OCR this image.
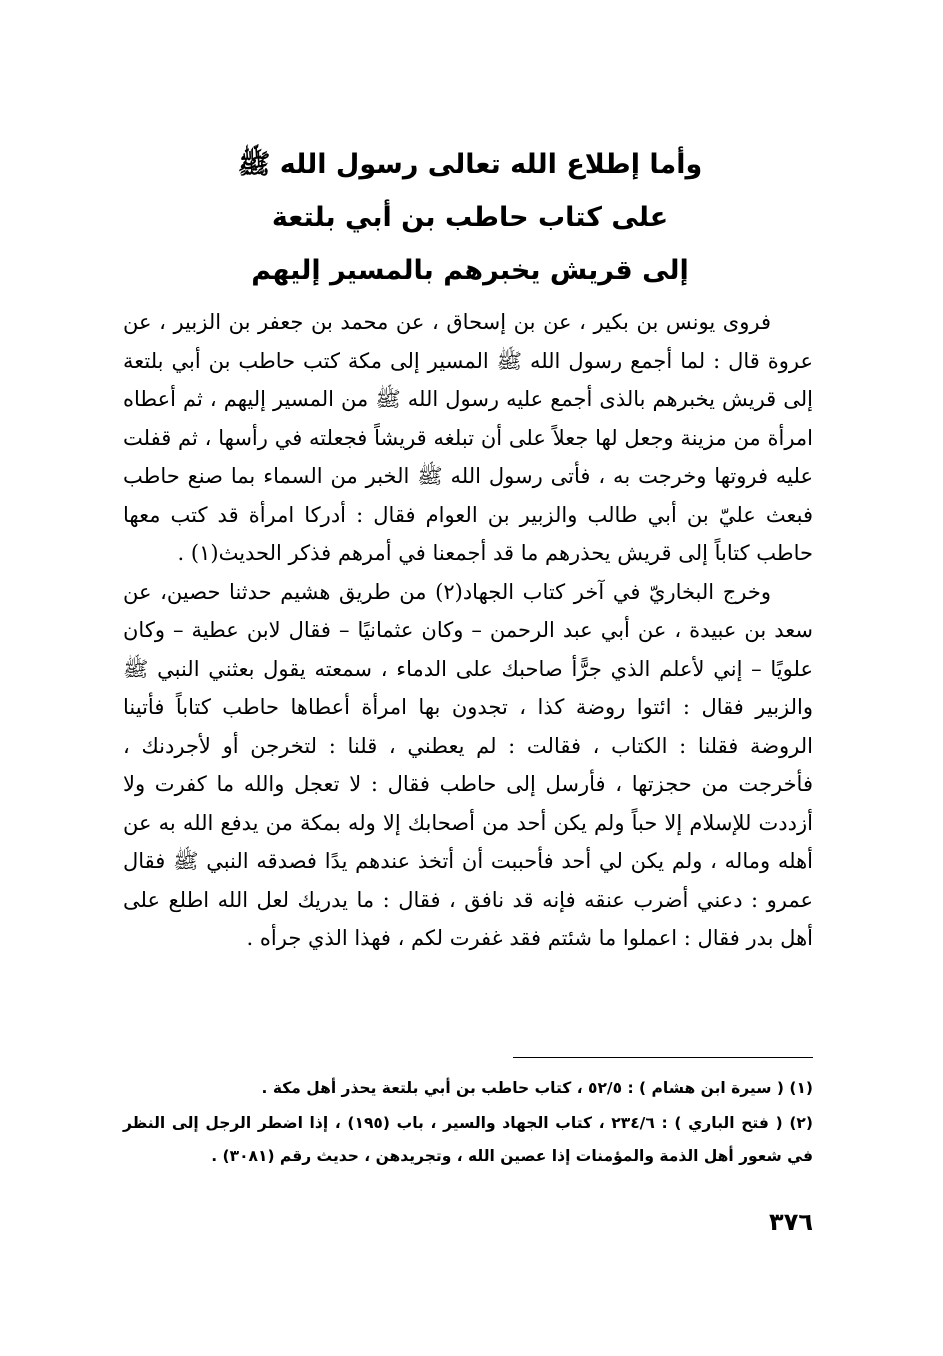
وأما إطلاع الله تعالى رسول الله ﷺ
على كتاب حاطب بن أبي بلتعة
إلى قريش يخبرهم بالمسير إليهم

فروى يونس بن بكير ، عن بن إسحاق ، عن محمد بن جعفر بن الزبير ، عن عروة قال : لما أجمع رسول الله ﷺ المسير إلى مكة كتب حاطب بن أبي بلتعة إلى قريش يخبرهم بالذى أجمع عليه رسول الله ﷺ من المسير إليهم ، ثم أعطاه امرأة من مزينة وجعل لها جعلاً على أن تبلغه قريشاً فجعلته في رأسها ، ثم قفلت عليه فروتها وخرجت به ، فأتى رسول الله ﷺ الخبر من السماء بما صنع حاطب فبعث عليّ بن أبي طالب والزبير بن العوام فقال : أدركا امرأة قد كتب معها حاطب كتاباً إلى قريش يحذرهم ما قد أجمعنا في أمرهم فذكر الحديث(١) .

وخرج البخاريّ في آخر كتاب الجهاد(٢) من طريق هشيم حدثنا حصين، عن سعد بن عبيدة ، عن أبي عبد الرحمن – وكان عثمانيًا – فقال لابن عطية – وكان علويًا – إني لأعلم الذي جرًّأ صاحبك على الدماء ، سمعته يقول بعثني النبي ﷺ والزبير فقال : ائتوا روضة كذا ، تجدون بها امرأة أعطاها حاطب كتاباً فأتينا الروضة فقلنا : الكتاب ، فقالت : لم يعطني ، قلنا : لتخرجن أو لأجردنك ، فأخرجت من حجزتها ، فأرسل إلى حاطب فقال : لا تعجل والله ما كفرت ولا أزددت للإسلام إلا حباً ولم يكن أحد من أصحابك إلا وله بمكة من يدفع الله به عن أهله وماله ، ولم يكن لي أحد فأحببت أن أتخذ عندهم يدًا فصدقه النبي ﷺ فقال عمرو : دعني أضرب عنقه فإنه قد نافق ، فقال : ما يدريك لعل الله اطلع على أهل بدر فقال : اعملوا ما شئتم فقد غفرت لكم ، فهذا الذي جرأه .

(١) ( سيرة ابن هشام ) : ٥٢/٥ ، كتاب حاطب بن أبي بلتعة يحذر أهل مكة .

(٢) ( فتح الباري ) : ٢٣٤/٦ ، كتاب الجهاد والسير ، باب (١٩٥) ، إذا اضطر الرجل إلى النظر في شعور أهل الذمة والمؤمنات إذا عصين الله ، وتجريدهن ، حديث رقم (٣٠٨١) .

٣٧٦
